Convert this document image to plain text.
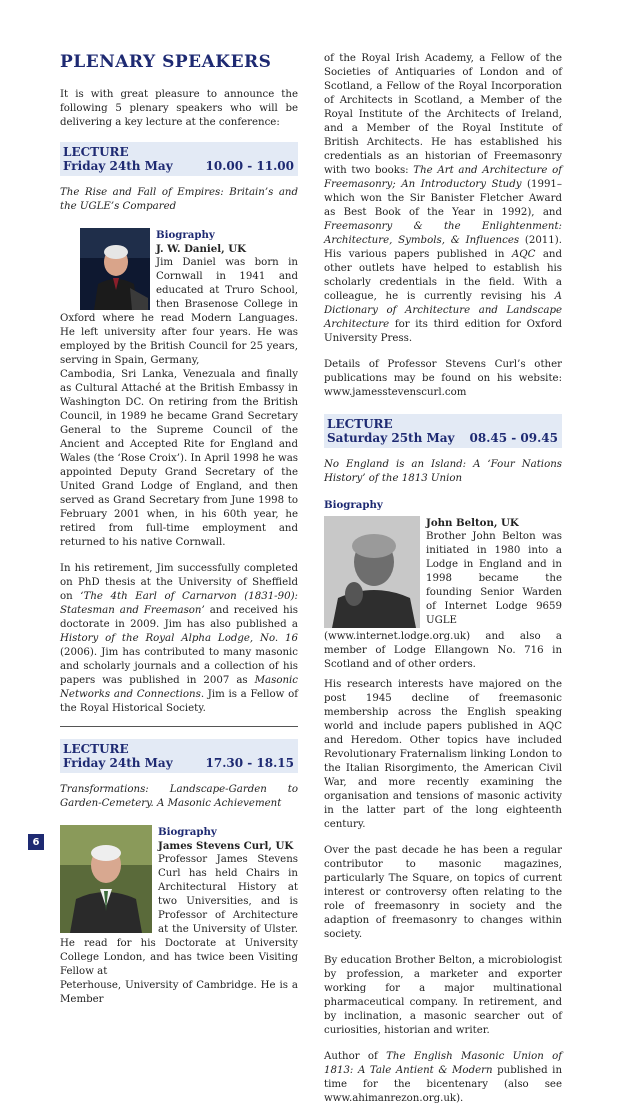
PLENARY SPEAKERS

It is with great pleasure to announce the following 5 plenary speakers who will be delivering a key lecture at the conference:

LECTURE
Friday 24th May	10.00 - 11.00

The Rise and Fall of Empires: Britain’s and the UGLE’s Compared

Biography
J. W. Daniel, UK

Jim Daniel was born in Cornwall in 1941 and educated at Truro School, then Brasenose College in Oxford where he read Modern Languages. He left university after four years. He was employed by the British Council for 25 years, serving in Spain, Germany,

Cambodia, Sri Lanka, Venezuala and finally as Cultural Attaché at the British Embassy in Washington DC. On retiring from the British Council, in 1989 he became Grand Secretary General to the Supreme Council of the Ancient and Accepted Rite for England and Wales (the ‘Rose Croix’). In April 1998 he was appointed Deputy Grand Secretary of the United Grand Lodge of England, and then served as Grand Secretary from June 1998 to February 2001 when, in his 60th year, he retired from full-time employment and returned to his native Cornwall.

In his retirement, Jim successfully completed on PhD thesis at the University of Sheffield on ‘The 4th Earl of Carnarvon (1831-90): Statesman and Freemason’ and received his doctorate in 2009. Jim has also published a History of the Royal Alpha Lodge, No. 16 (2006). Jim has contributed to many masonic and scholarly journals and a collection of his papers was published in 2007 as Masonic Networks and Connections. Jim is a Fellow of the Royal Historical Society.

LECTURE
Friday 24th May	17.30 - 18.15

Transformations: Landscape-Garden to Garden-Cemetery. A Masonic Achievement

Biography
James Stevens Curl, UK

Professor James Stevens Curl has held Chairs in Architectural History at two Universities, and is Professor of Architecture at the University of Ulster. He read for his Doctorate at University College London, and has twice been Visiting Fellow at

Peterhouse, University of Cambridge. He is a Member

of the Royal Irish Academy, a Fellow of the Societies of Antiquaries of London and of Scotland, a Fellow of the Royal Incorporation of Architects in Scotland, a Member of the Royal Institute of the Architects of Ireland, and a Member of the Royal Institute of British Architects. He has established his credentials as an historian of Freemasonry with two books: The Art and Architecture of Freemasonry; An Introductory Study (1991–which won the Sir Banister Fletcher Award as Best Book of the Year in 1992), and Freemasonry & the Enlightenment: Architecture, Symbols, & Influences (2011). His various papers published in AQC and other outlets have helped to establish his scholarly credentials in the field. With a colleague, he is currently revising his A Dictionary of Architecture and Landscape Architecture for its third edition for Oxford University Press.

Details of Professor Stevens Curl’s other publications may be found on his website: www.jamesstevenscurl.com

LECTURE
Saturday 25th May 08.45 - 09.45

No England is an Island: A ‘Four Nations History’ of the 1813 Union

Biography
John Belton, UK

Brother John Belton was initiated in 1980 into a Lodge in England and in 1998 became the founding Senior Warden of Internet Lodge 9659 UGLE (www.internet.lodge.org.uk) and also a member of Lodge Ellangown No. 716 in Scotland and of other orders.

His research interests have majored on the post 1945 decline of freemasonic membership across the English speaking world and include papers published in AQC and Heredom. Other topics have included Revolutionary Fraternalism linking London to the Italian Risorgimento, the American Civil War, and more recently examining the organisation and tensions of masonic activity in the latter part of the long eighteenth century.

Over the past decade he has been a regular contributor to masonic magazines, particularly The Square, on topics of current interest or controversy often relating to the role of freemasonry in society and the adaption of freemasonry to changes within society.

By education Brother Belton, a microbiologist by profession, a marketer and exporter working for a major multinational pharmaceutical company. In retirement, and by inclination, a masonic searcher out of curiosities, historian and writer.

Author of The English Masonic Union of 1813: A Tale Antient & Modern published in time for the bicentenary (also see www.ahimanrezon.org.uk).

6
